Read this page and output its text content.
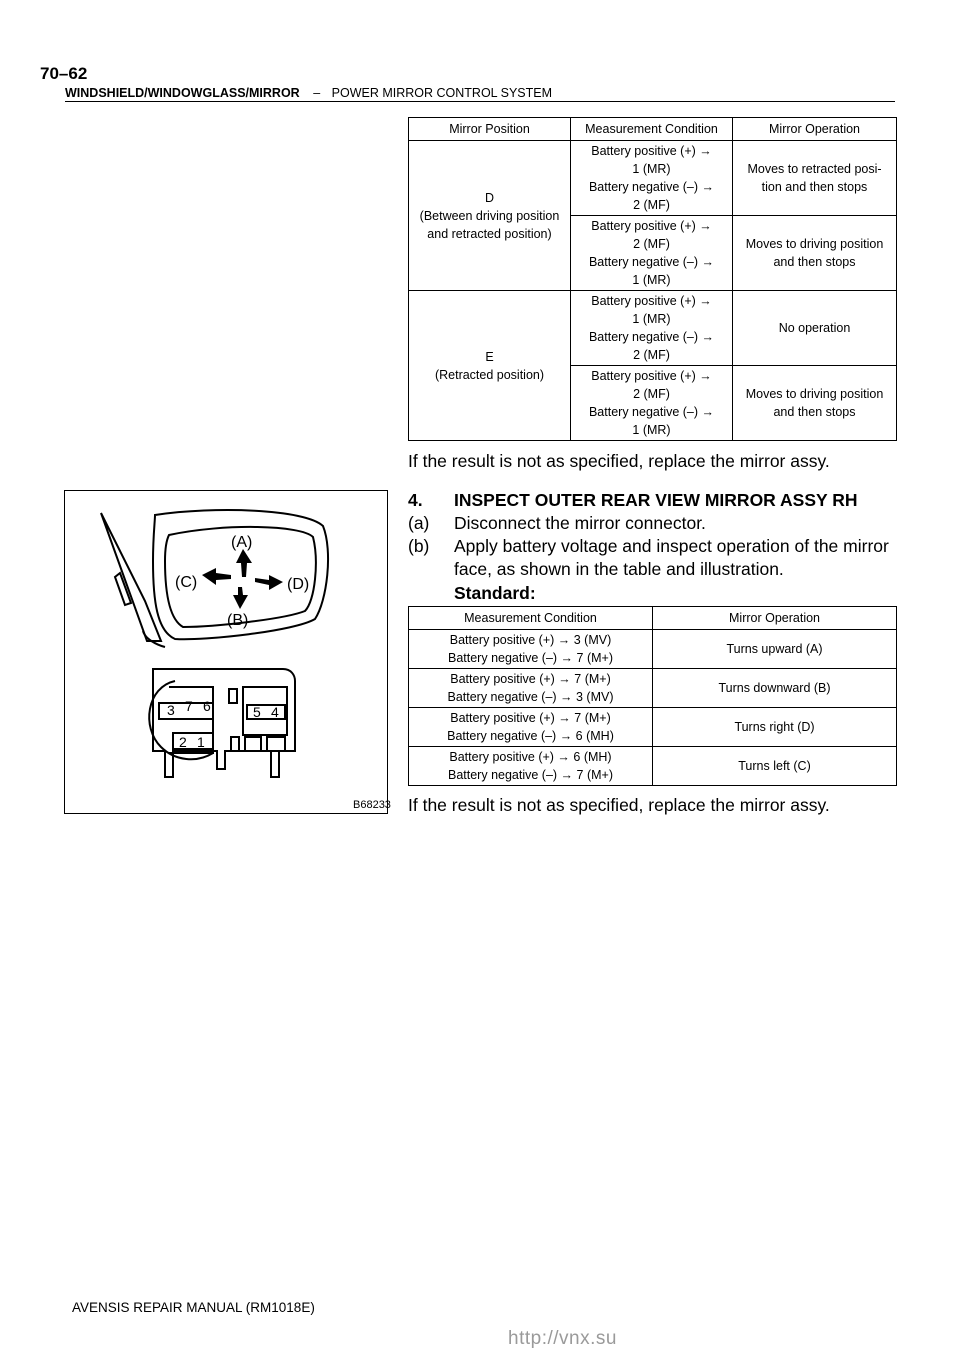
70–62
WINDSHIELD/WINDOWGLASS/MIRROR – POWER MIRROR CONTROL SYSTEM
Mirror Position	Measurement Condition	Mirror Operation
D
(Between driving position
and retracted position)	Battery positive (+) →
1 (MR)
Battery negative (–) →
2 (MF)	Moves to retracted posi-
tion and then stops
	Battery positive (+) →
2 (MF)
Battery negative (–) →
1 (MR)	Moves to driving position
and then stops
E
(Retracted position)	Battery positive (+) →
1 (MR)
Battery negative (–) →
2 (MF)	No operation
	Battery positive (+) →
2 (MF)
Battery negative (–) →
1 (MR)	Moves to driving position
and then stops
If the result is not as specified, replace the mirror assy.
4. INSPECT OUTER REAR VIEW MIRROR ASSY RH
(a) Disconnect the mirror connector.
(b) Apply battery voltage and inspect operation of the mirror face, as shown in the table and illustration.
Standard:
Measurement Condition	Mirror Operation
Battery positive (+) → 3 (MV)
Battery negative (–) → 7 (M+)	Turns upward (A)
Battery positive (+) → 7 (M+)
Battery negative (–) → 3 (MV)	Turns downward (B)
Battery positive (+) → 7 (M+)
Battery negative (–) → 6 (MH)	Turns right (D)
Battery positive (+) → 6 (MH)
Battery negative (–) → 7 (M+)	Turns left (C)
If the result is not as specified, replace the mirror assy.
(A)
(B)
(C)	(D)
3 7 6	5 4
2 1
B68233
AVENSIS REPAIR MANUAL (RM1018E)
http://vnx.su
